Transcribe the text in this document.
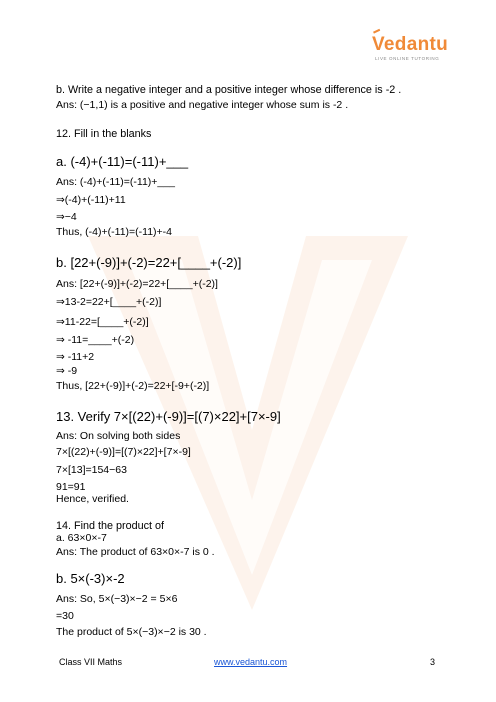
Vedantu
LIVE ONLINE TUTORING
b. Write a negative integer and a positive integer whose difference is -2 .
Ans: (−1,1) is a positive and negative integer whose sum is -2 .
12. Fill in the blanks
a. (-4)+(-11)=(-11)+___
Ans: (-4)+(-11)=(-11)+___
⇒(-4)+(-11)+11
⇒−4
Thus, (-4)+(-11)=(-11)+-4
b. [22+(-9)]+(-2)=22+[____+(-2)]
Ans: [22+(-9)]+(-2)=22+[____+(-2)]
⇒13-2=22+[____+(-2)]
⇒11-22=[____+(-2)]
⇒ -11=____+(-2)
⇒ -11+2
⇒ -9
Thus, [22+(-9)]+(-2)=22+[-9+(-2)]
13. Verify 7×[(22)+(-9)]=[(7)×22]+[7×-9]
Ans: On solving both sides
7×[(22)+(-9)]=[(7)×22]+[7×-9]
7×[13]=154−63
91=91
Hence, verified.
14. Find the product of
a. 63×0×-7
Ans: The product of 63×0×-7 is 0 .
b. 5×(-3)×-2
Ans: So, 5×(−3)×−2 = 5×6
=30
The product of 5×(−3)×−2 is 30 .
Class VII Maths	www.vedantu.com	3
